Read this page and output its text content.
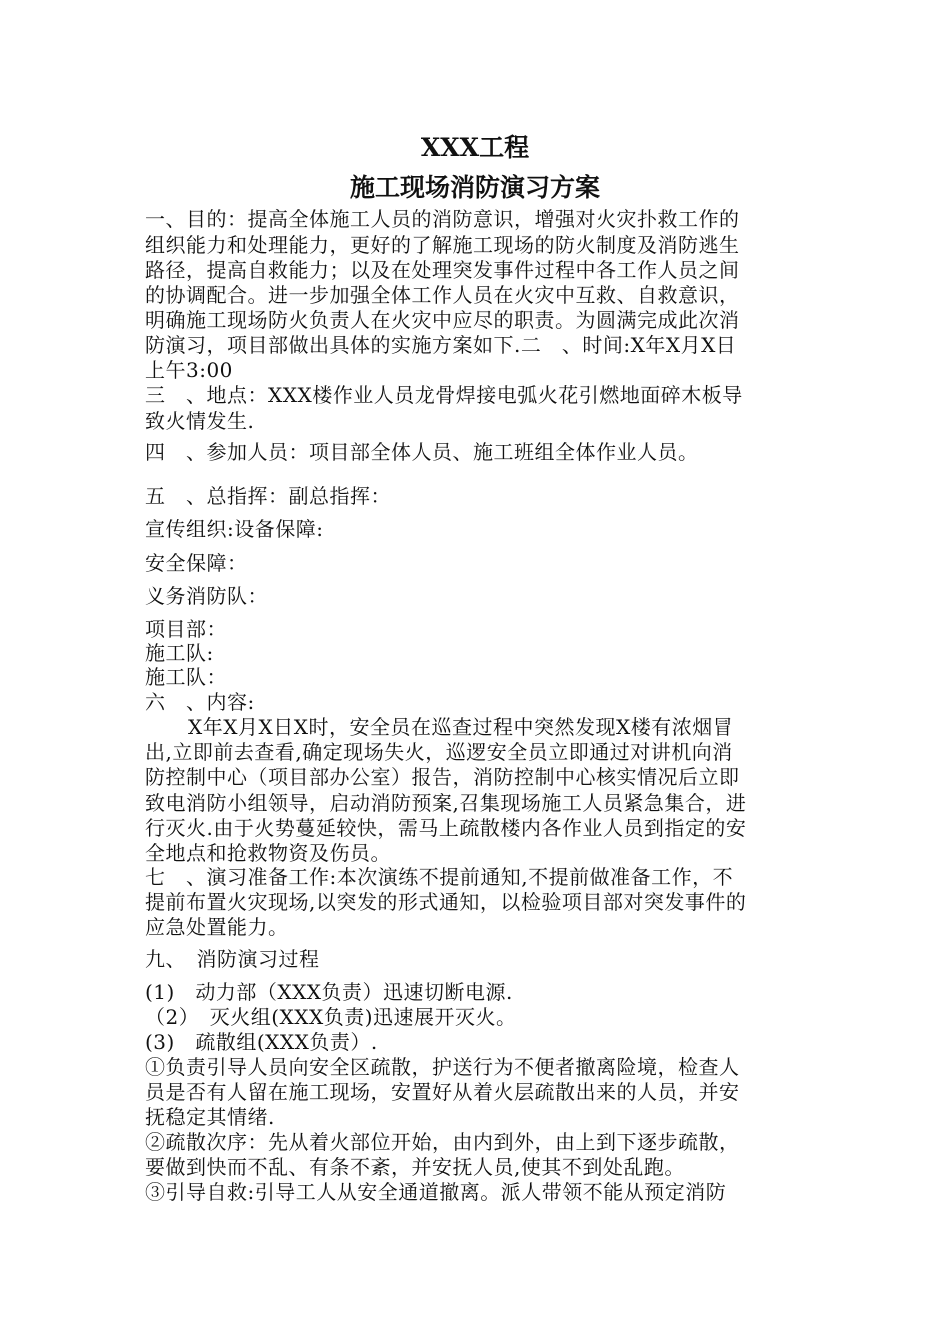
XXX工程
施工现场消防演习方案
一、目的：提高全体施工人员的消防意识，增强对火灾扑救工作的
组织能力和处理能力，更好的了解施工现场的防火制度及消防逃生
路径，提高自救能力；以及在处理突发事件过程中各工作人员之间
的协调配合。进一步加强全体工作人员在火灾中互救、自救意识，
明确施工现场防火负责人在火灾中应尽的职责。为圆满完成此次消
防演习，项目部做出具体的实施方案如下.二　、时间:X年X月X日
上午3:00
三　、地点：XXX楼作业人员龙骨焊接电弧火花引燃地面碎木板导
致火情发生.
四　、参加人员：项目部全体人员、施工班组全体作业人员。
五　、总指挥：副总指挥：
宣传组织:设备保障:
安全保障：
义务消防队：
项目部：
施工队:
施工队：
六　、内容:
X年X月X日X时，安全员在巡查过程中突然发现X楼有浓烟冒
出,立即前去查看,确定现场失火，巡逻安全员立即通过对讲机向消
防控制中心（项目部办公室）报告，消防控制中心核实情况后立即
致电消防小组领导，启动消防预案,召集现场施工人员紧急集合，进
行灭火.由于火势蔓延较快，需马上疏散楼内各作业人员到指定的安
全地点和抢救物资及伤员。
七　、演习准备工作:本次演练不提前通知,不提前做准备工作，不
提前布置火灾现场,以突发的形式通知，以检验项目部对突发事件的
应急处置能力。
九、　消防演习过程
(1)　动力部（XXX负责）迅速切断电源.
（2）　灭火组(XXX负责)迅速展开灭火。
(3)　疏散组(XXX负责）.
①负责引导人员向安全区疏散，护送行为不便者撤离险境，检查人
员是否有人留在施工现场，安置好从着火层疏散出来的人员，并安
抚稳定其情绪.
②疏散次序：先从着火部位开始，由内到外，由上到下逐步疏散，
要做到快而不乱、有条不紊，并安抚人员,使其不到处乱跑。
③引导自救:引导工人从安全通道撤离。派人带领不能从预定消防
